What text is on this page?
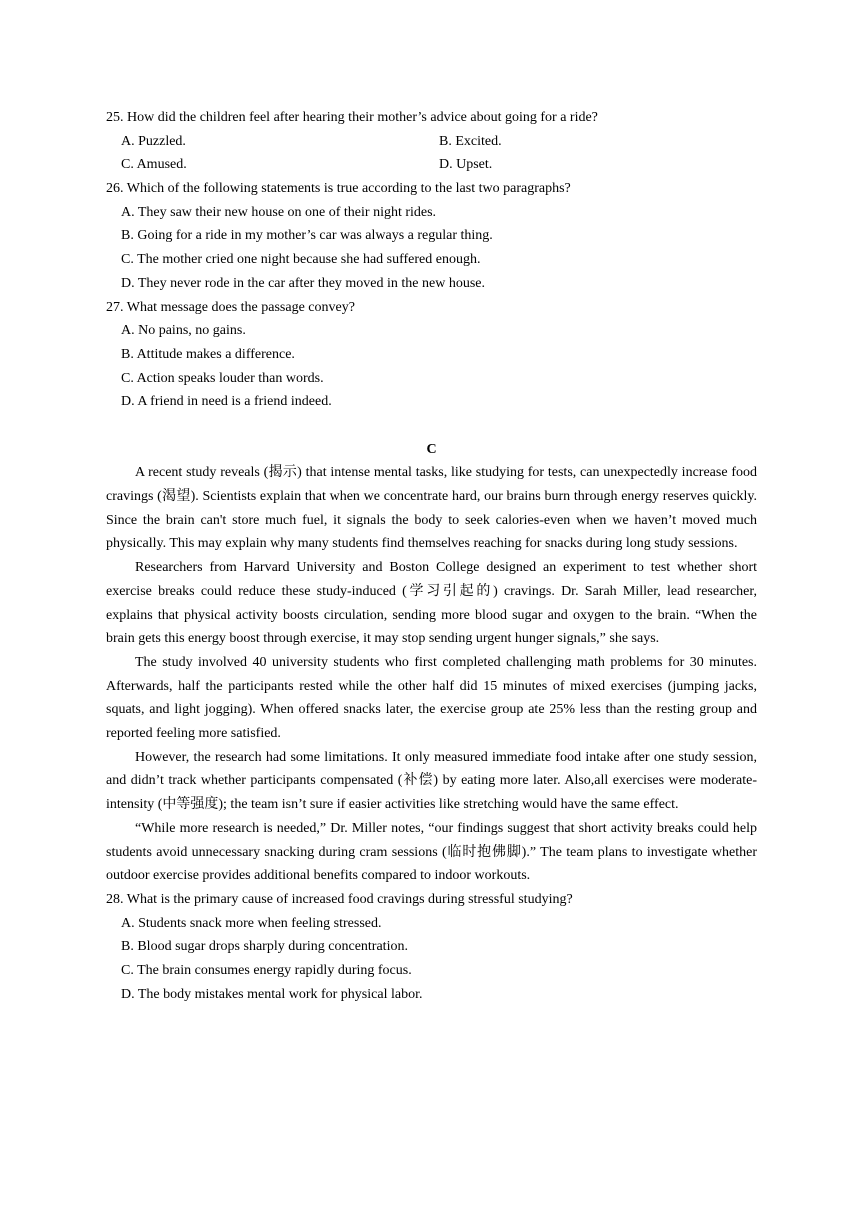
25. How did the children feel after hearing their mother’s advice about going for a ride?
A. Puzzled.	B. Excited.
C. Amused.	D. Upset.
26. Which of the following statements is true according to the last two paragraphs?
A. They saw their new house on one of their night rides.
B. Going for a ride in my mother’s car was always a regular thing.
C. The mother cried one night because she had suffered enough.
D. They never rode in the car after they moved in the new house.
27. What message does the passage convey?
A. No pains, no gains.
B. Attitude makes a difference.
C. Action speaks louder than words.
D. A friend in need is a friend indeed.
C

A recent study reveals (揭示) that intense mental tasks, like studying for tests, can unexpectedly increase food cravings (渴望). Scientists explain that when we concentrate hard, our brains burn through energy reserves quickly. Since the brain can't store much fuel, it signals the body to seek calories-even when we haven’t moved much physically. This may explain why many students find themselves reaching for snacks during long study sessions.

Researchers from Harvard University and Boston College designed an experiment to test whether short exercise breaks could reduce these study-induced (学习引起的) cravings. Dr. Sarah Miller, lead researcher, explains that physical activity boosts circulation, sending more blood sugar and oxygen to the brain. “When the brain gets this energy boost through exercise, it may stop sending urgent hunger signals,” she says.

The study involved 40 university students who first completed challenging math problems for 30 minutes. Afterwards, half the participants rested while the other half did 15 minutes of mixed exercises (jumping jacks, squats, and light jogging). When offered snacks later, the exercise group ate 25% less than the resting group and reported feeling more satisfied.

However, the research had some limitations. It only measured immediate food intake after one study session, and didn’t track whether participants compensated (补偿) by eating more later. Also,all exercises were moderate-intensity (中等强度); the team isn’t sure if easier activities like stretching would have the same effect.

“While more research is needed,” Dr. Miller notes, “our findings suggest that short activity breaks could help students avoid unnecessary snacking during cram sessions (临时抱佛脚).” The team plans to investigate whether outdoor exercise provides additional benefits compared to indoor workouts.

28. What is the primary cause of increased food cravings during stressful studying?
A. Students snack more when feeling stressed.
B. Blood sugar drops sharply during concentration.
C. The brain consumes energy rapidly during focus.
D. The body mistakes mental work for physical labor.
